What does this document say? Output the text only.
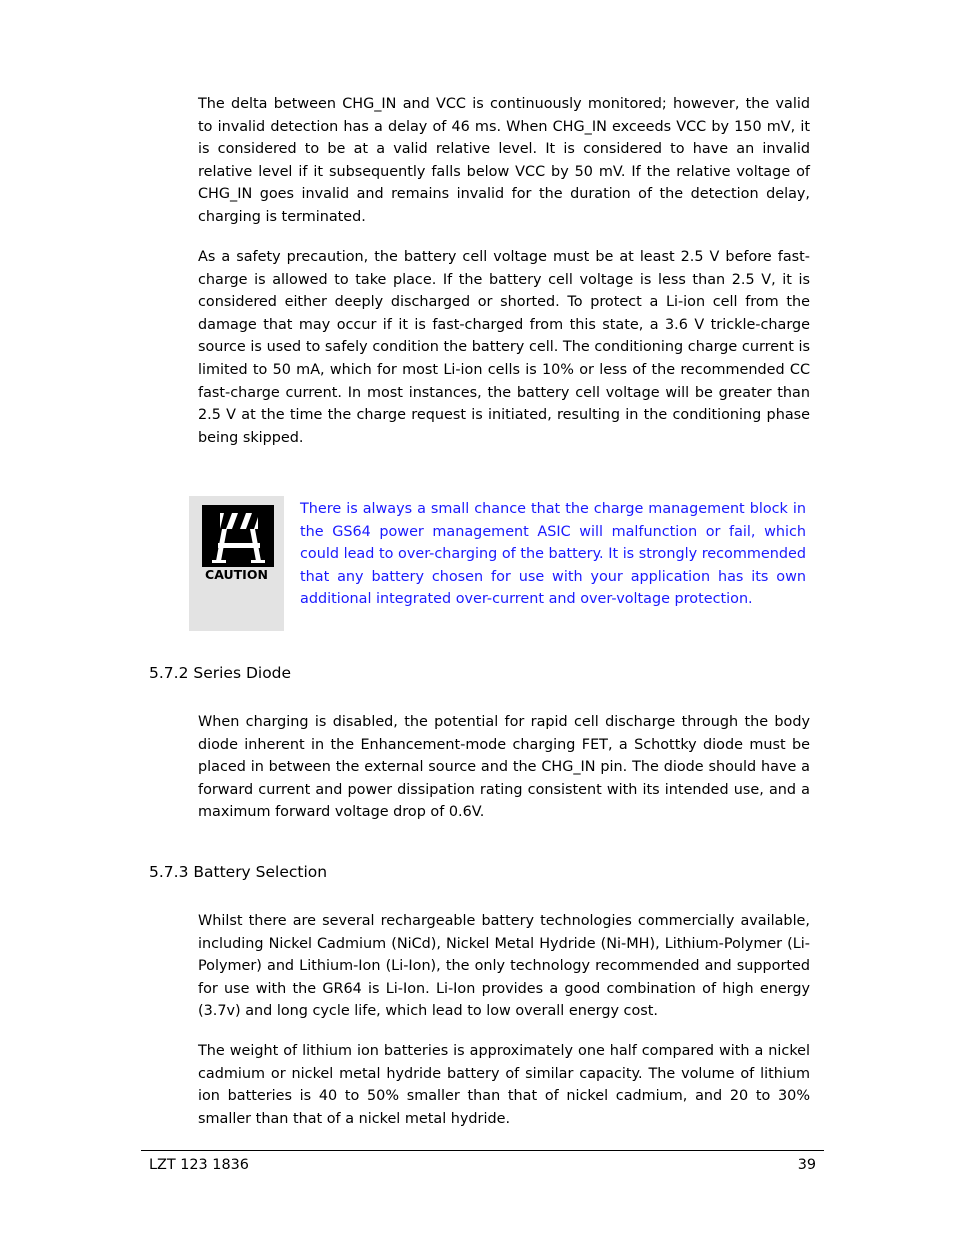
The delta between CHG_IN and VCC is continuously monitored; however, the valid to invalid detection has a delay of 46 ms. When CHG_IN exceeds VCC by 150 mV, it is considered to be at a valid relative level. It is considered to have an invalid relative level if it subsequently falls below VCC by 50 mV. If the relative voltage of CHG_IN goes invalid and remains invalid for the duration of the detection delay, charging is terminated.

As a safety precaution, the battery cell voltage must be at least 2.5 V before fast-charge is allowed to take place. If the battery cell voltage is less than 2.5 V, it is considered either deeply discharged or shorted. To protect a Li-ion cell from the damage that may occur if it is fast-charged from this state, a 3.6 V trickle-charge source is used to safely condition the battery cell. The conditioning charge current is limited to 50 mA, which for most Li-ion cells is 10% or less of the recommended CC fast-charge current. In most instances, the battery cell voltage will be greater than 2.5 V at the time the charge request is initiated, resulting in the conditioning phase being skipped.

CAUTION

There is always a small chance that the charge management block in the GS64 power management ASIC will malfunction or fail, which could lead to over-charging of the battery. It is strongly recommended that any battery chosen for use with your application has its own additional integrated over-current and over-voltage protection.

5.7.2 Series Diode

When charging is disabled, the potential for rapid cell discharge through the body diode inherent in the Enhancement-mode charging FET, a Schottky diode must be placed in between the external source and the CHG_IN pin. The diode should have a forward current and power dissipation rating consistent with its intended use, and a maximum forward voltage drop of 0.6V.

5.7.3 Battery Selection

Whilst there are several rechargeable battery technologies commercially available, including Nickel Cadmium (NiCd), Nickel Metal Hydride (Ni-MH), Lithium-Polymer (Li-Polymer) and Lithium-Ion (Li-Ion), the only technology recommended and supported for use with the GR64 is Li-Ion. Li-Ion provides a good combination of high energy (3.7v) and long cycle life, which lead to low overall energy cost.

The weight of lithium ion batteries is approximately one half compared with a nickel cadmium or nickel metal hydride battery of similar capacity. The volume of lithium ion batteries is 40 to 50% smaller than that of nickel cadmium, and 20 to 30% smaller than that of a nickel metal hydride.

LZT 123 1836	39
